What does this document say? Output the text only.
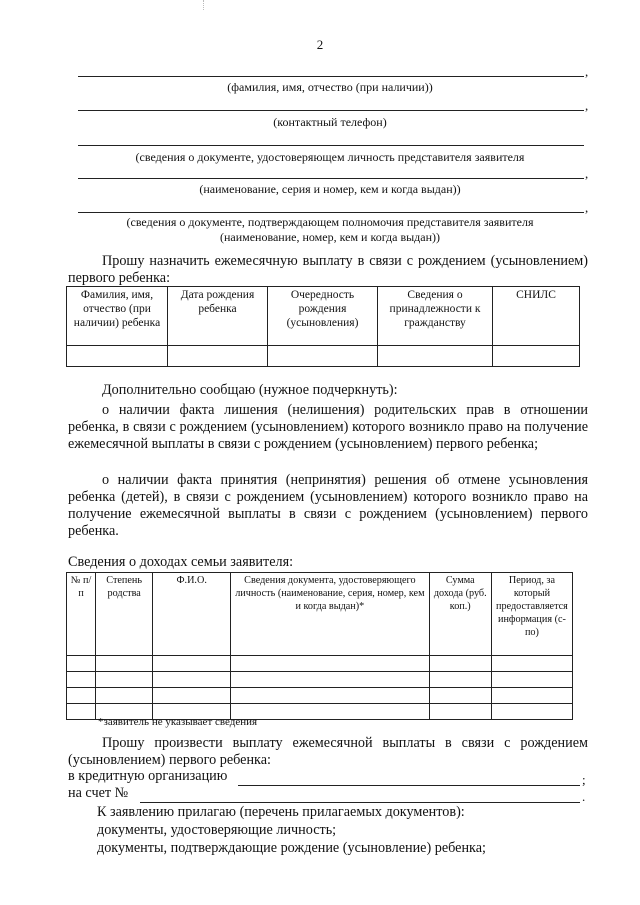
2
,
(фамилия, имя, отчество (при наличии))
,
(контактный телефон)
(сведения о документе, удостоверяющем личность представителя заявителя
,
(наименование, серия и номер, кем и когда выдан))
,
(сведения о документе, подтверждающем полномочия представителя заявителя
(наименование, номер, кем и когда выдан))
Прошу назначить ежемесячную выплату в связи с рождением (усыновлением) первого ребенка:
Фамилия, имя, отчество (при наличии) ребенка	Дата рождения ребенка	Очередность рождения (усыновления)	Сведения о принадлежности к гражданству	СНИЛС

Дополнительно сообщаю (нужное подчеркнуть):
о наличии факта лишения (нелишения) родительских прав в отношении ребенка, в связи с рождением (усыновлением) которого возникло право на получение ежемесячной выплаты в связи с рождением (усыновлением) первого ребенка;
о наличии факта принятия (непринятия) решения об отмене усыновления ребенка (детей), в связи с рождением (усыновлением) которого возникло право на получение ежемесячной выплаты в связи с рождением (усыновлением) первого ребенка.
Сведения о доходах семьи заявителя:
№ п/п	Степень родства	Ф.И.О.	Сведения документа, удостоверяющего личность (наименование, серия, номер, кем и когда выдан)*	Сумма дохода (руб. коп.)	Период, за который предоставляется информация (с-по)

*заявитель не указывает сведения
Прошу произвести выплату ежемесячной выплаты в связи с рождением (усыновлением) первого ребенка:
в кредитную организацию	;
на счет №	.
К заявлению прилагаю (перечень прилагаемых документов):
документы, удостоверяющие личность;
документы, подтверждающие рождение (усыновление) ребенка;
